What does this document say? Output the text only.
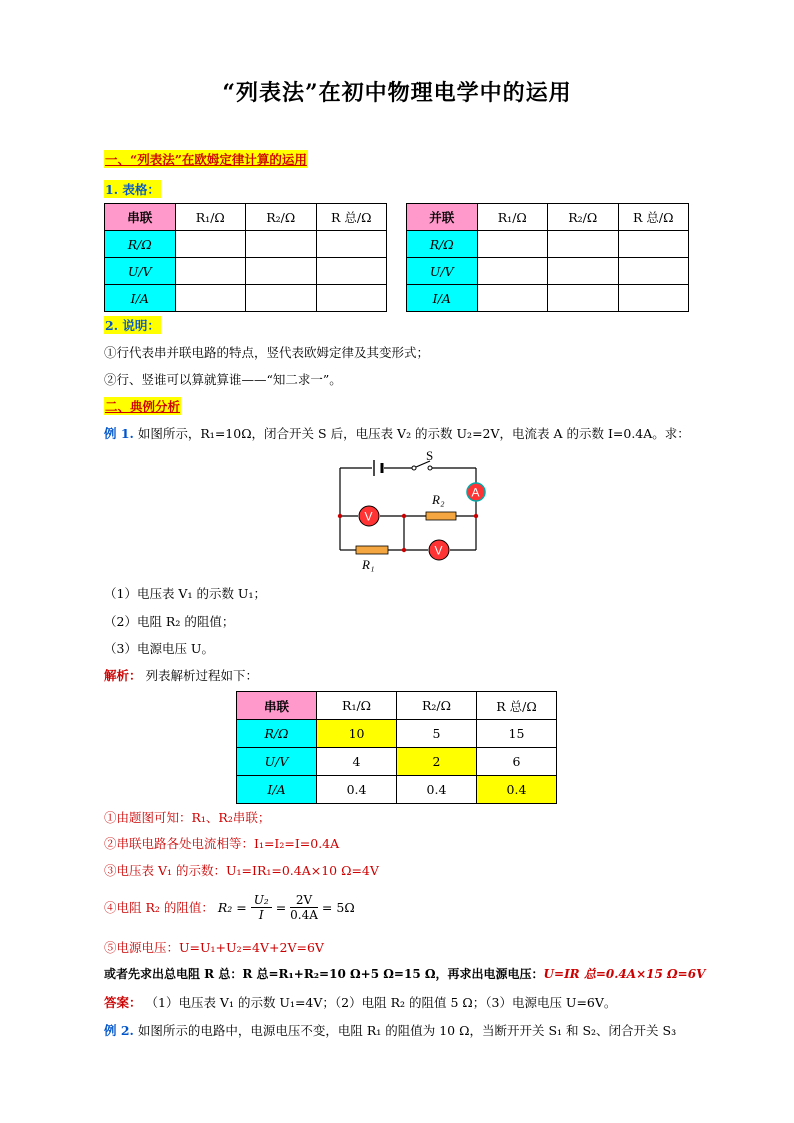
“列表法”在初中物理电学中的运用
一、“列表法”在欧姆定律计算的运用
1. 表格：
串联	R₁/Ω	R₂/Ω	R 总/Ω
R/Ω			
U/V			
I/A			
并联	R₁/Ω	R₂/Ω	R 总/Ω
R/Ω			
U/V			
I/A			
2. 说明：
①行代表串并联电路的特点，竖代表欧姆定律及其变形式；
②行、竖谁可以算就算谁——“知二求一”。
二、典例分析
例 1. 如图所示，R₁=10Ω，闭合开关 S 后，电压表 V₂ 的示数 U₂=2V，电流表 A 的示数 I=0.4A。求：
S
A
V
R₂
R₁
V
（1）电压表 V₁ 的示数 U₁；
（2）电阻 R₂ 的阻值；
（3）电源电压 U。
解析： 列表解析过程如下：
串联	R₁/Ω	R₂/Ω	R 总/Ω
R/Ω	10	5	15
U/V	4	2	6
I/A	0.4	0.4	0.4
①由题图可知：R₁、R₂串联；
②串联电路各处电流相等：I₁=I₂=I=0.4A
③电压表 V₁ 的示数：U₁=IR₁=0.4A×10 Ω=4V
④电阻 R₂ 的阻值： $R_2 = \frac{\text{U₂}}{I} = \frac{2V}{0.4A} = 5\Omega$
⑤电源电压：U=U₁+U₂=4V+2V=6V
或者先求出总电阻 R 总：R 总=R₁+R₂=10 Ω+5 Ω=15 Ω，再求出电源电压：U=IR 总=0.4A×15 Ω=6V
答案： （1）电压表 V₁ 的示数 U₁=4V；（2）电阻 R₂ 的阻值 5 Ω；（3）电源电压 U=6V。
例 2. 如图所示的电路中，电源电压不变，电阻 R₁ 的阻值为 10 Ω，当断开开关 S₁ 和 S₂、闭合开关 S₃
